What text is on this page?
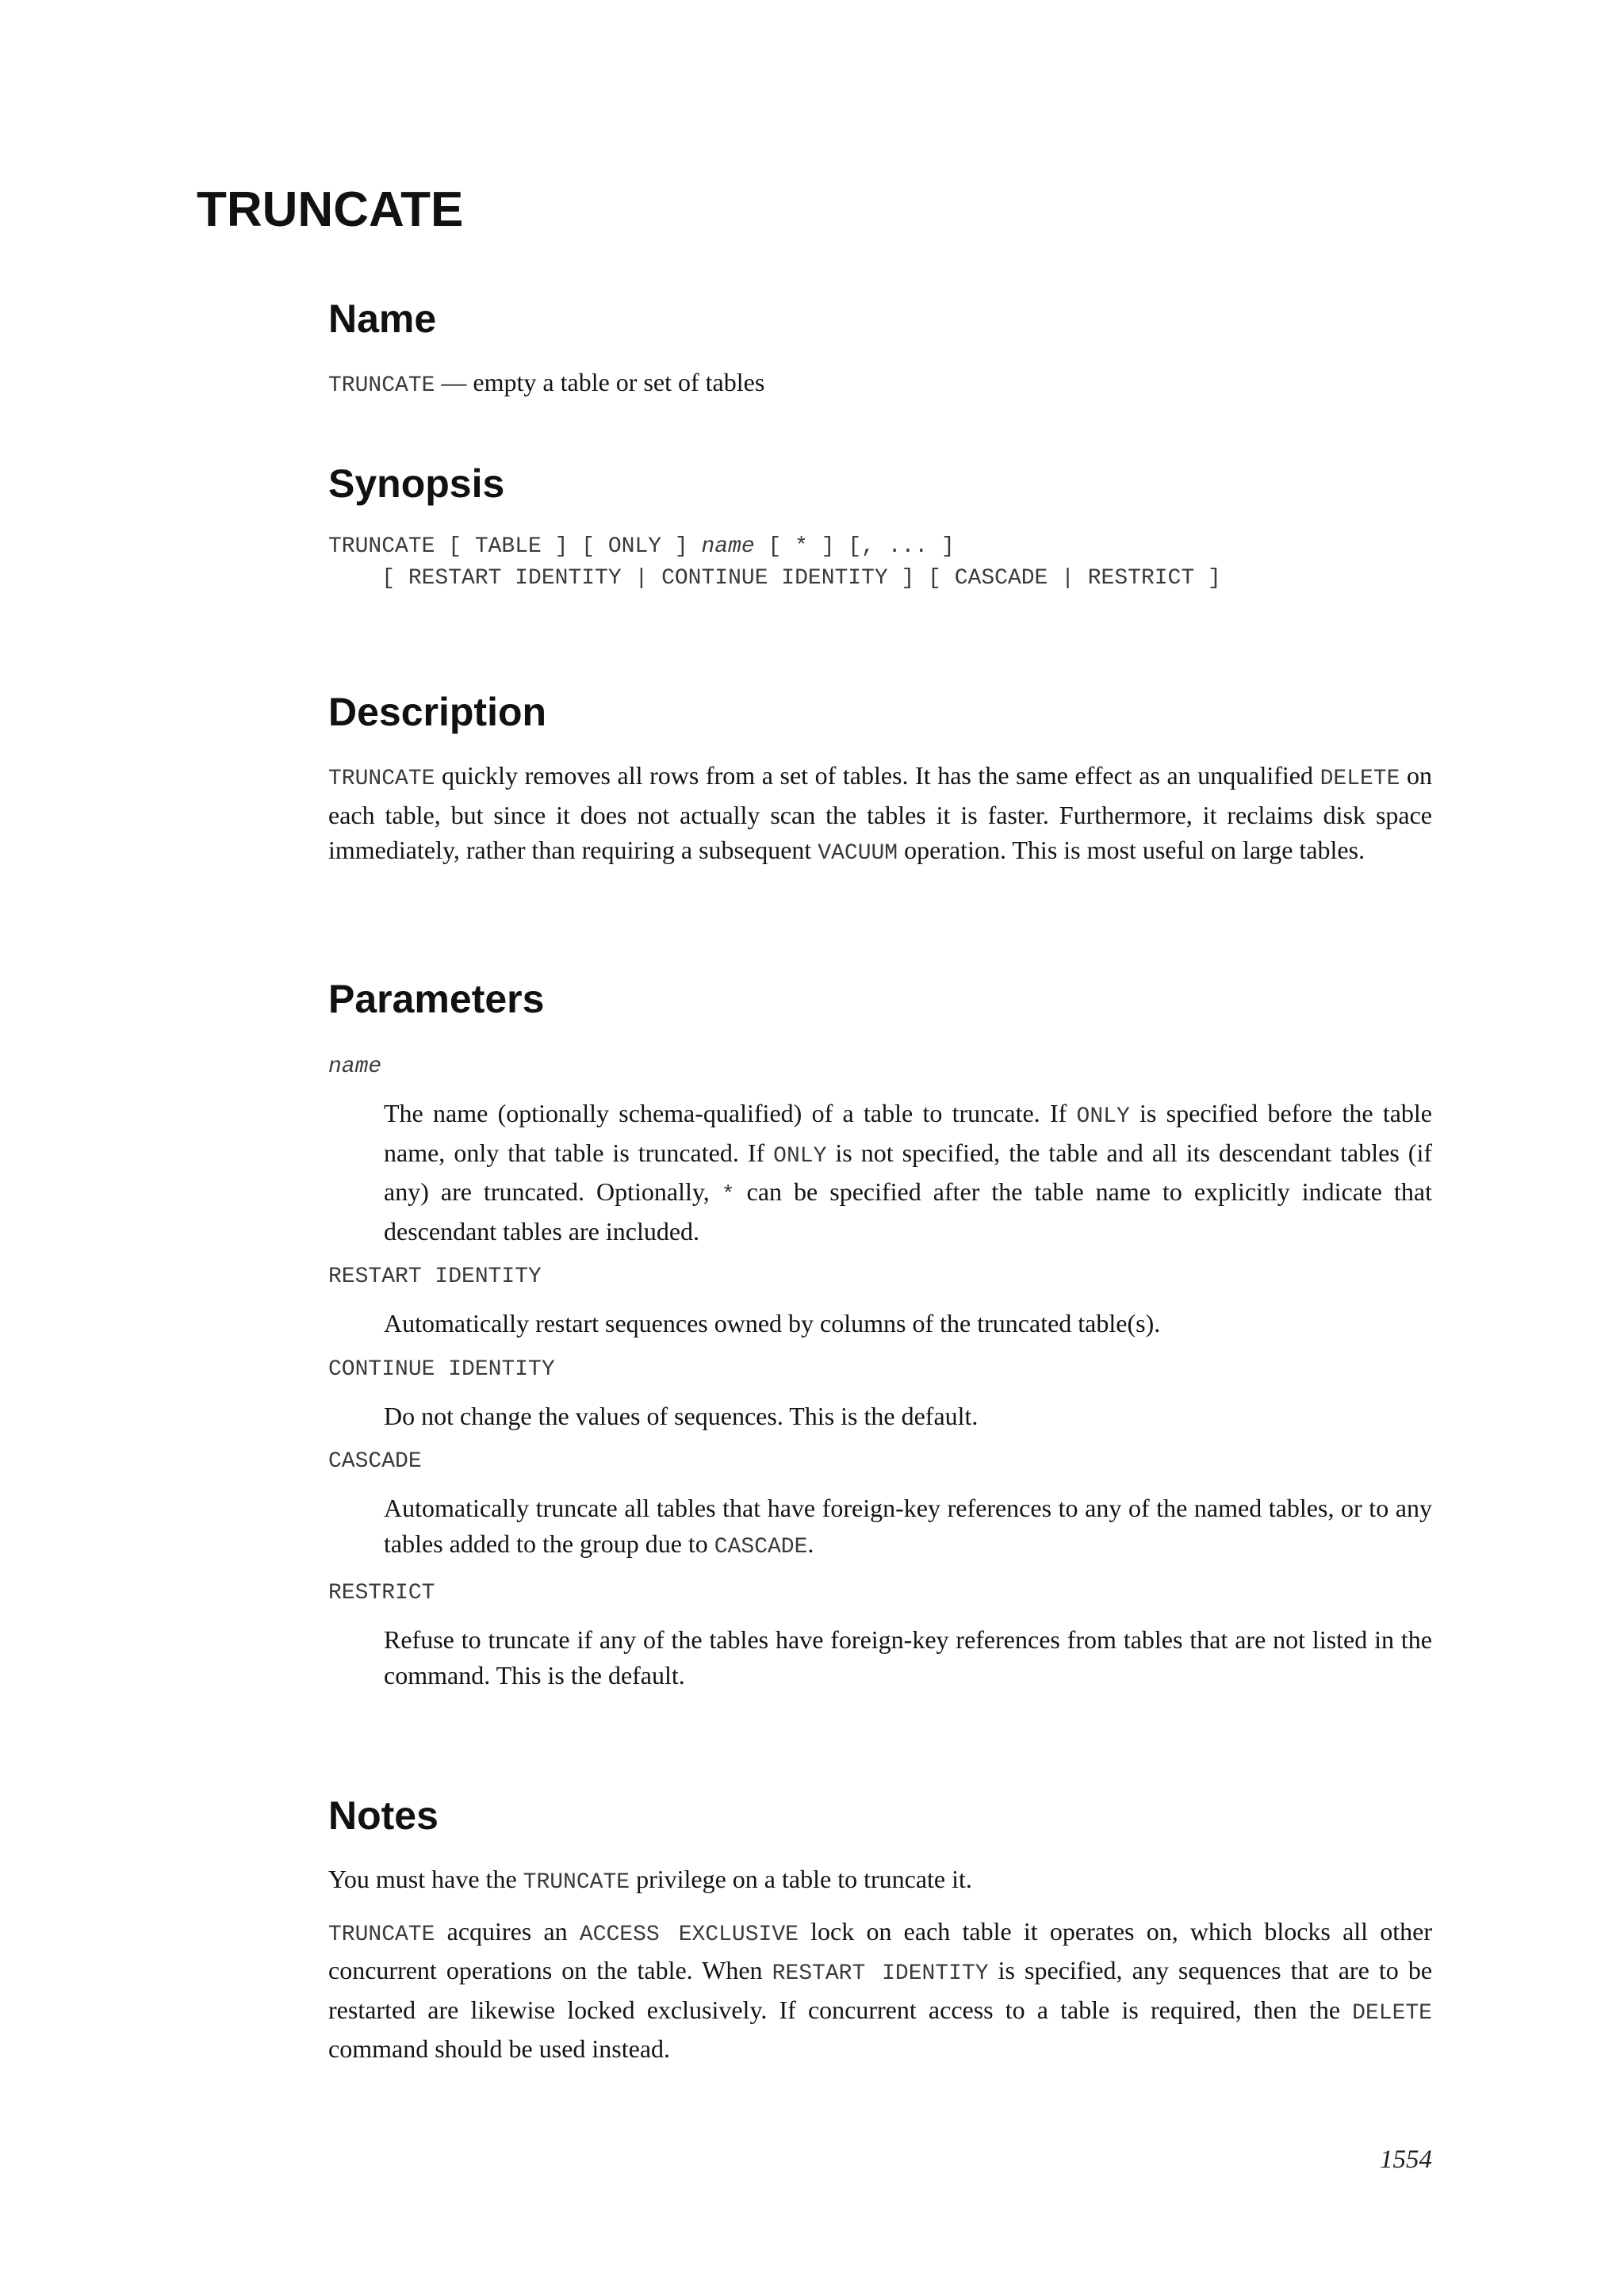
TRUNCATE
Name

TRUNCATE — empty a table or set of tables

Synopsis
TRUNCATE [ TABLE ] [ ONLY ] name [ * ] [, ... ]
[ RESTART IDENTITY | CONTINUE IDENTITY ] [ CASCADE | RESTRICT ]
Description

TRUNCATE quickly removes all rows from a set of tables. It has the same effect as an unqualified DELETE on each table, but since it does not actually scan the tables it is faster. Furthermore, it reclaims disk space immediately, rather than requiring a subsequent VACUUM operation. This is most useful on large tables.

Parameters
name

The name (optionally schema-qualified) of a table to truncate. If ONLY is specified before the table name, only that table is truncated. If ONLY is not specified, the table and all its descendant tables (if any) are truncated. Optionally, * can be specified after the table name to explicitly indicate that descendant tables are included.

RESTART IDENTITY

Automatically restart sequences owned by columns of the truncated table(s).

CONTINUE IDENTITY

Do not change the values of sequences. This is the default.

CASCADE

Automatically truncate all tables that have foreign-key references to any of the named tables, or to any tables added to the group due to CASCADE.

RESTRICT

Refuse to truncate if any of the tables have foreign-key references from tables that are not listed in the command. This is the default.

Notes

You must have the TRUNCATE privilege on a table to truncate it.

TRUNCATE acquires an ACCESS EXCLUSIVE lock on each table it operates on, which blocks all other concurrent operations on the table. When RESTART IDENTITY is specified, any sequences that are to be restarted are likewise locked exclusively. If concurrent access to a table is required, then the DELETE command should be used instead.

1554
